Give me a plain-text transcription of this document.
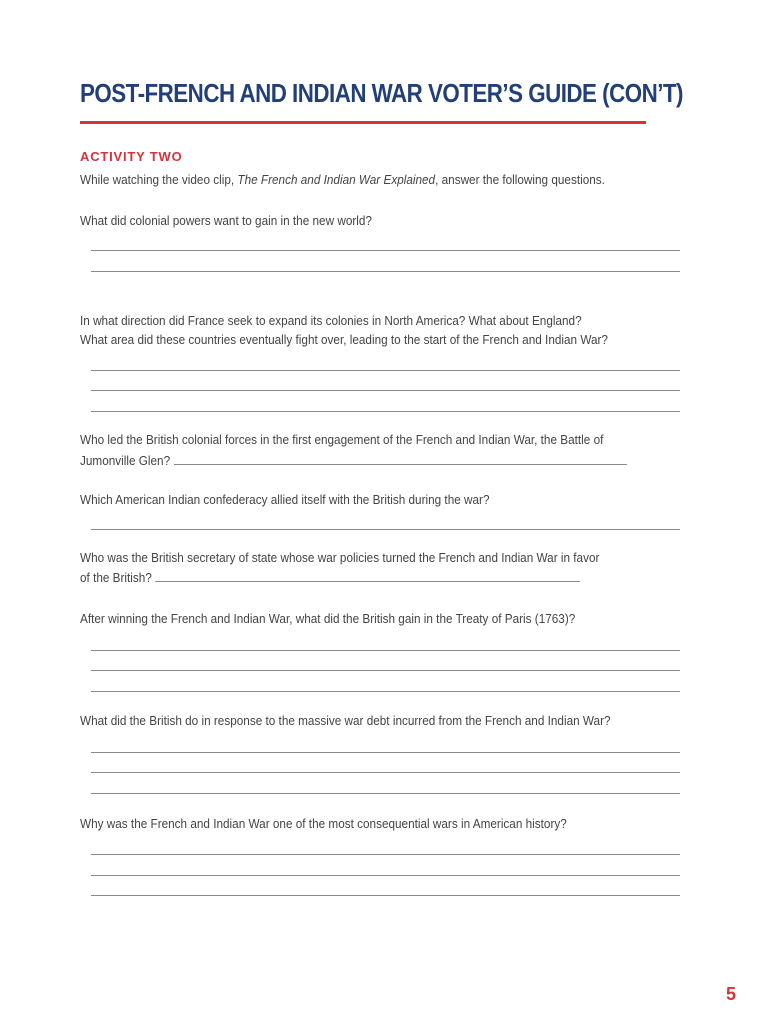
POST-FRENCH AND INDIAN WAR VOTER’S GUIDE (CON’T)
ACTIVITY TWO
While watching the video clip, The French and Indian War Explained, answer the following questions.
What did colonial powers want to gain in the new world?
In what direction did France seek to expand its colonies in North America? What about England?
What area did these countries eventually fight over, leading to the start of the French and Indian War?
Who led the British colonial forces in the first engagement of the French and Indian War, the Battle of
Jumonville Glen?
Which American Indian confederacy allied itself with the British during the war?
Who was the British secretary of state whose war policies turned the French and Indian War in favor
of the British?
After winning the French and Indian War, what did the British gain in the Treaty of Paris (1763)?
What did the British do in response to the massive war debt incurred from the French and Indian War?
Why was the French and Indian War one of the most consequential wars in American history?
5
